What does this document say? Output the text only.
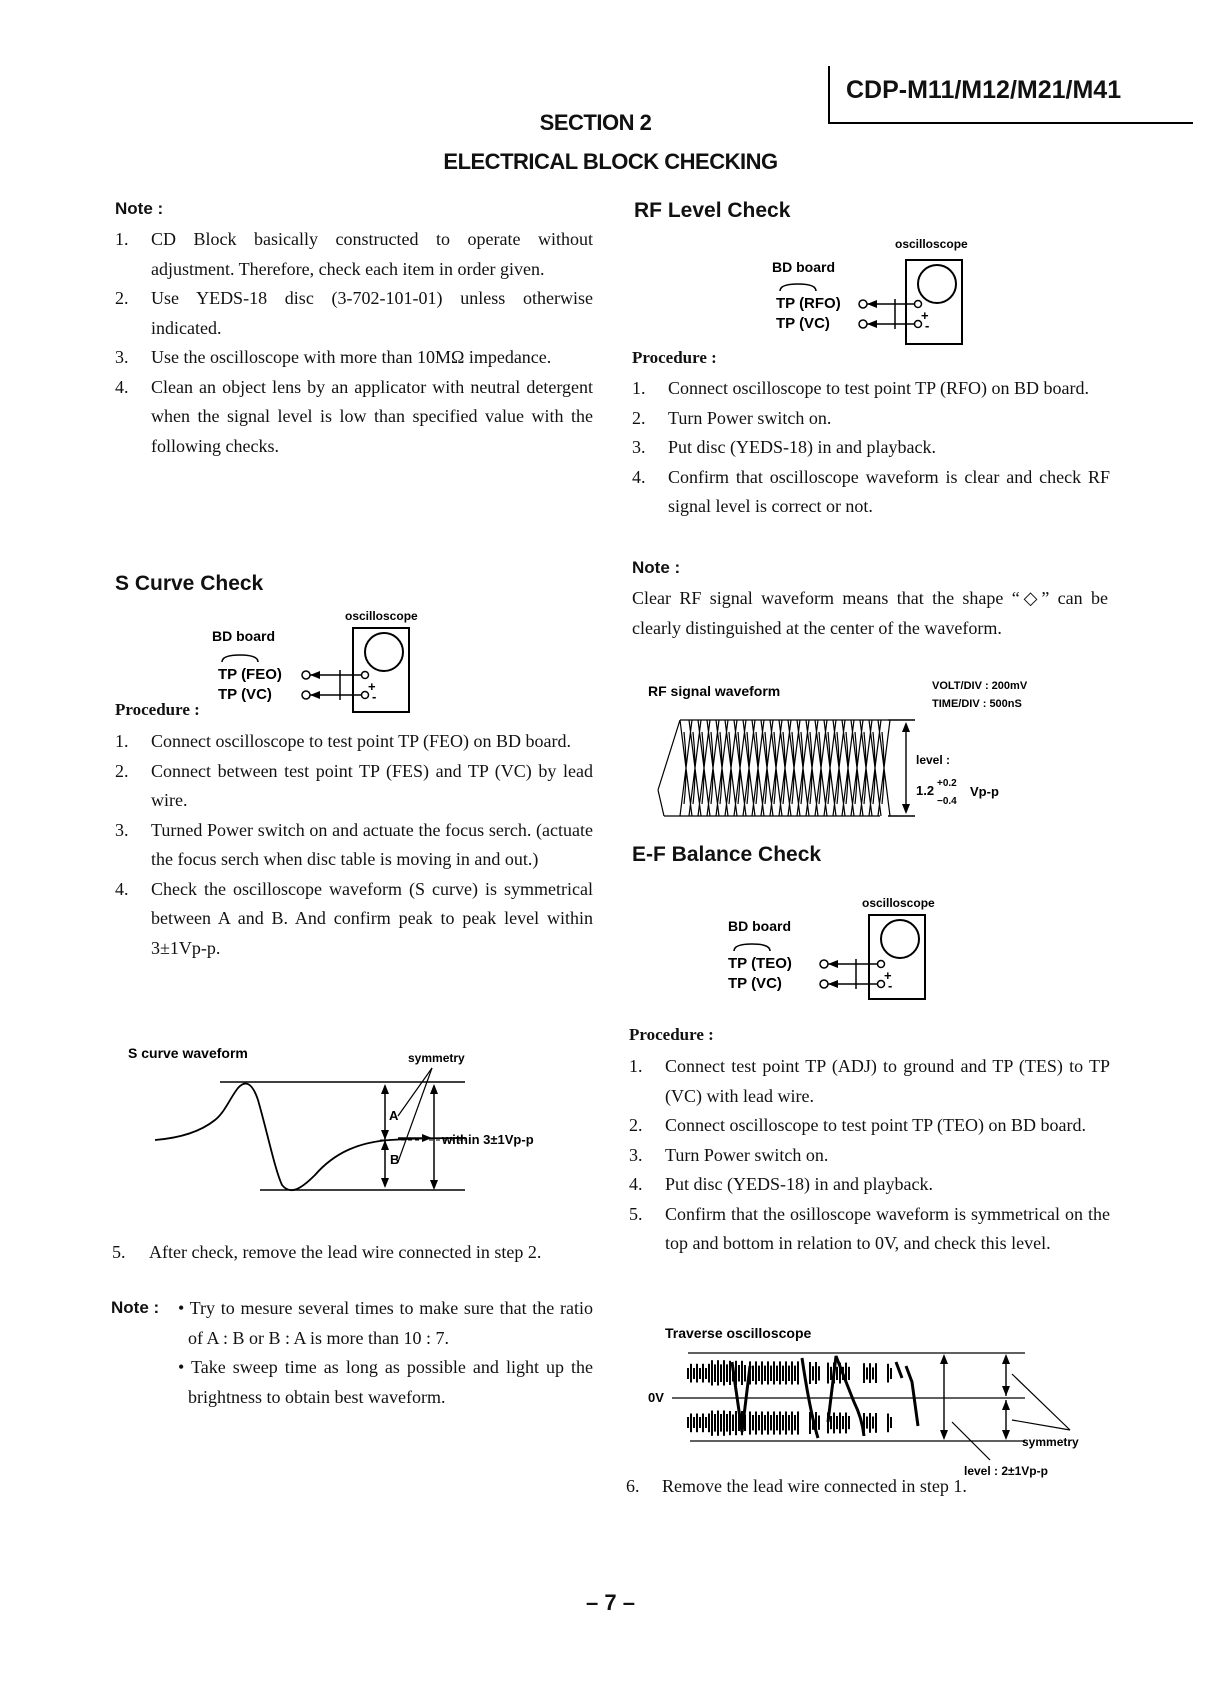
CDP-M11/M12/M21/M41
SECTION 2
ELECTRICAL BLOCK CHECKING
Note :
1. CD Block basically constructed to operate without adjustment. Therefore, check each item in order given.
2. Use YEDS-18 disc (3-702-101-01) unless otherwise indicated.
3. Use the oscilloscope with more than 10MΩ impedance.
4. Clean an object lens by an applicator with neutral detergent when the signal level is low than specified value with the following checks.
S Curve Check
oscilloscope
BD board
TP (FEO)
TP (VC)	+
-
Procedure :
1. Connect oscilloscope to test point TP (FEO) on BD board.
2. Connect between test point TP (FES) and TP (VC) by lead wire.
3. Turned Power switch on and actuate the focus serch. (actuate the focus serch when disc table is moving in and out.)
4. Check the oscilloscope waveform (S curve) is symmetrical between A and B. And confirm peak to peak level within 3±1Vp-p.
S curve waveform	symmetry
A
B
within 3±1Vp-p
5. After check, remove the lead wire connected in step 2.
Note : • Try to mesure several times to make sure that the ratio of A : B or B : A is more than 10 : 7.
• Take sweep time as long as possible and light up the brightness to obtain best waveform.
RF Level Check
oscilloscope
BD board
TP (RFO)
TP (VC)	+
-
Procedure :
1. Connect oscilloscope to test point TP (RFO) on BD board.
2. Turn Power switch on.
3. Put disc (YEDS-18) in and playback.
4. Confirm that oscilloscope waveform is clear and check RF signal level is correct or not.
Note :
Clear RF signal waveform means that the shape “◇” can be clearly distinguished at the center of the waveform.
RF signal waveform	VOLT/DIV : 200mV
TIME/DIV : 500nS
level :
1.2 +0.2
−0.4
Vp-p
E-F Balance Check
oscilloscope
BD board
TP (TEO)
TP (VC)	+
-
Procedure :
1. Connect test point TP (ADJ) to ground and TP (TES) to TP (VC) with lead wire.
2. Connect oscilloscope to test point TP (TEO) on BD board.
3. Turn Power switch on.
4. Put disc (YEDS-18) in and playback.
5. Confirm that the osilloscope waveform is symmetrical on the top and bottom in relation to 0V, and check this level.
Traverse oscilloscope
0V
symmetry
level : 2±1Vp-p
6. Remove the lead wire connected in step 1.
– 7 –
